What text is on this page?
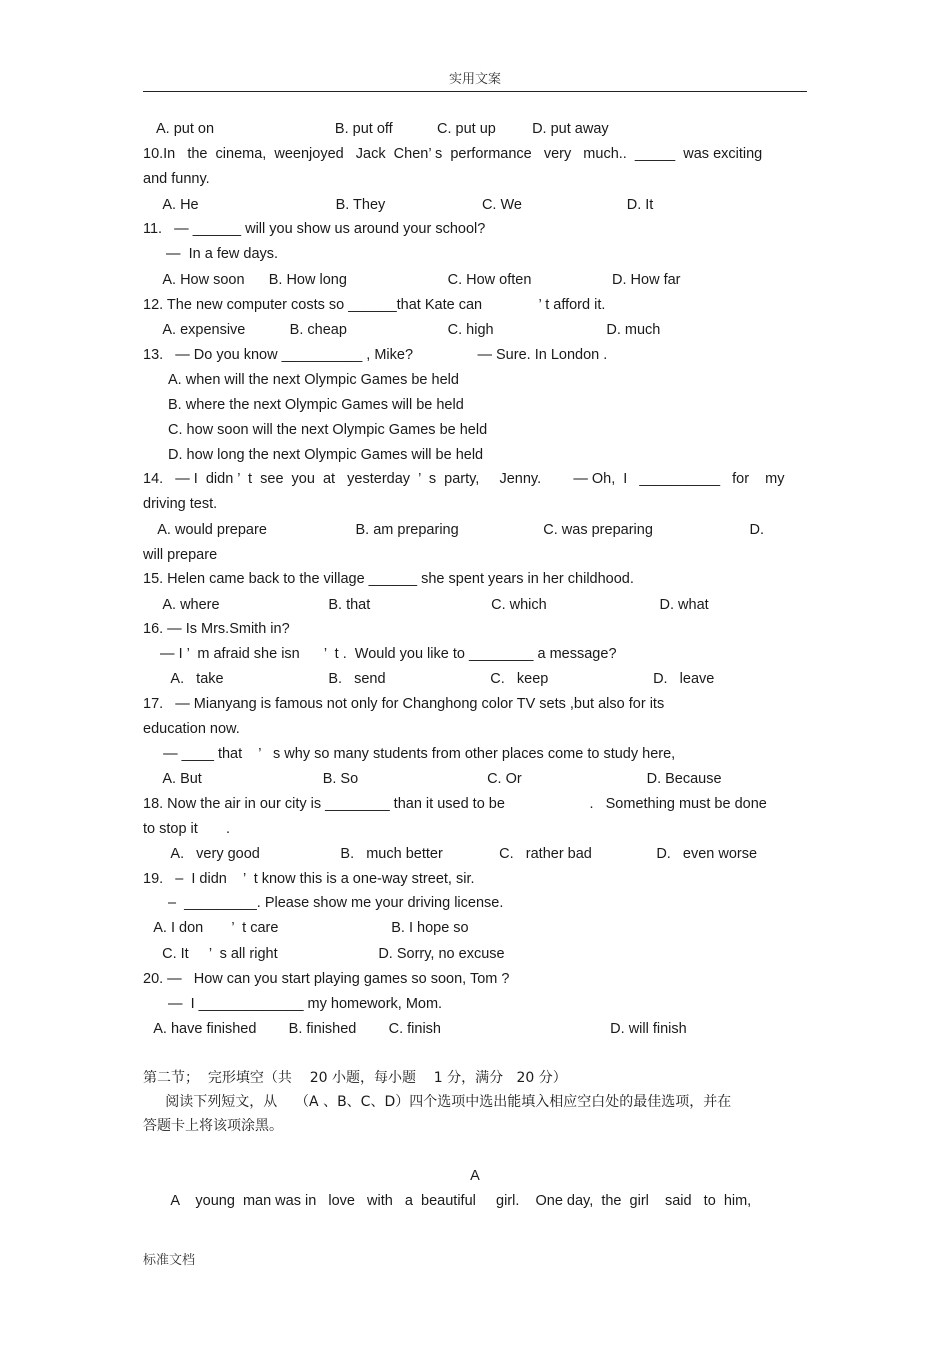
实用文案
A. put on                              B. put off           C. put up         D. put away
10.In   the  cinema,  weenjoyed   Jack  Chen’ s  performance   very   much..  _____  was exciting
and funny.
A. He                                  B. They                        C. We                          D. It
11.   — ______ will you show us around your school?
—  In a few days.
A. How soon      B. How long                         C. How often                    D. How far
12. The new computer costs so ______that Kate can              ’ t afford it.
A. expensive           B. cheap                         C. high                            D. much
13.   — Do you know __________ , Mike?                — Sure. In London .
A. when will the next Olympic Games be held
B. where the next Olympic Games will be held
C. how soon will the next Olympic Games be held
D. how long the next Olympic Games will be held
14.   — I  didn ’  t  see  you  at   yesterday  ’  s  party,     Jenny.        — Oh,  I   __________   for    my
driving test.
A. would prepare                      B. am preparing                     C. was preparing                        D.
will prepare
15. Helen came back to the village ______ she spent years in her childhood.
A. where                           B. that                              C. which                            D. what
16. — Is Mrs.Smith in?
— I ’  m afraid she isn      ’  t .  Would you like to ________ a message?
A.   take                          B.   send                          C.   keep                          D.   leave
17.   — Mianyang is famous not only for Changhong color TV sets ,but also for its
education now.
— ____ that    ’   s why so many students from other places come to study here,
A. But                              B. So                                C. Or                               D. Because
18. Now the air in our city is ________ than it used to be                     .   Something must be done
to stop it       .
A.   very good                    B.   much better              C.   rather bad                D.   even worse
19.   –  I didn    ’  t know this is a one-way street, sir.
–  _________. Please show me your driving license.
A. I don       ’  t care                            B. I hope so
C. It     ’  s all right                         D. Sorry, no excuse
20. —   How can you start playing games so soon, Tom ?
—  I _____________ my homework, Mom.
A. have finished        B. finished        C. finish                                          D. will finish
第二节；  完形填空（共    20 小题，每小题    1 分，满分   20 分）
阅读下列短文，从    （A 、B、C、D）四个选项中选出能填入相应空白处的最佳选项，并在
答题卡上将该项涂黑。
A
A    young  man was in   love   with   a  beautiful     girl.    One day,  the  girl    said   to  him,
标准文档
